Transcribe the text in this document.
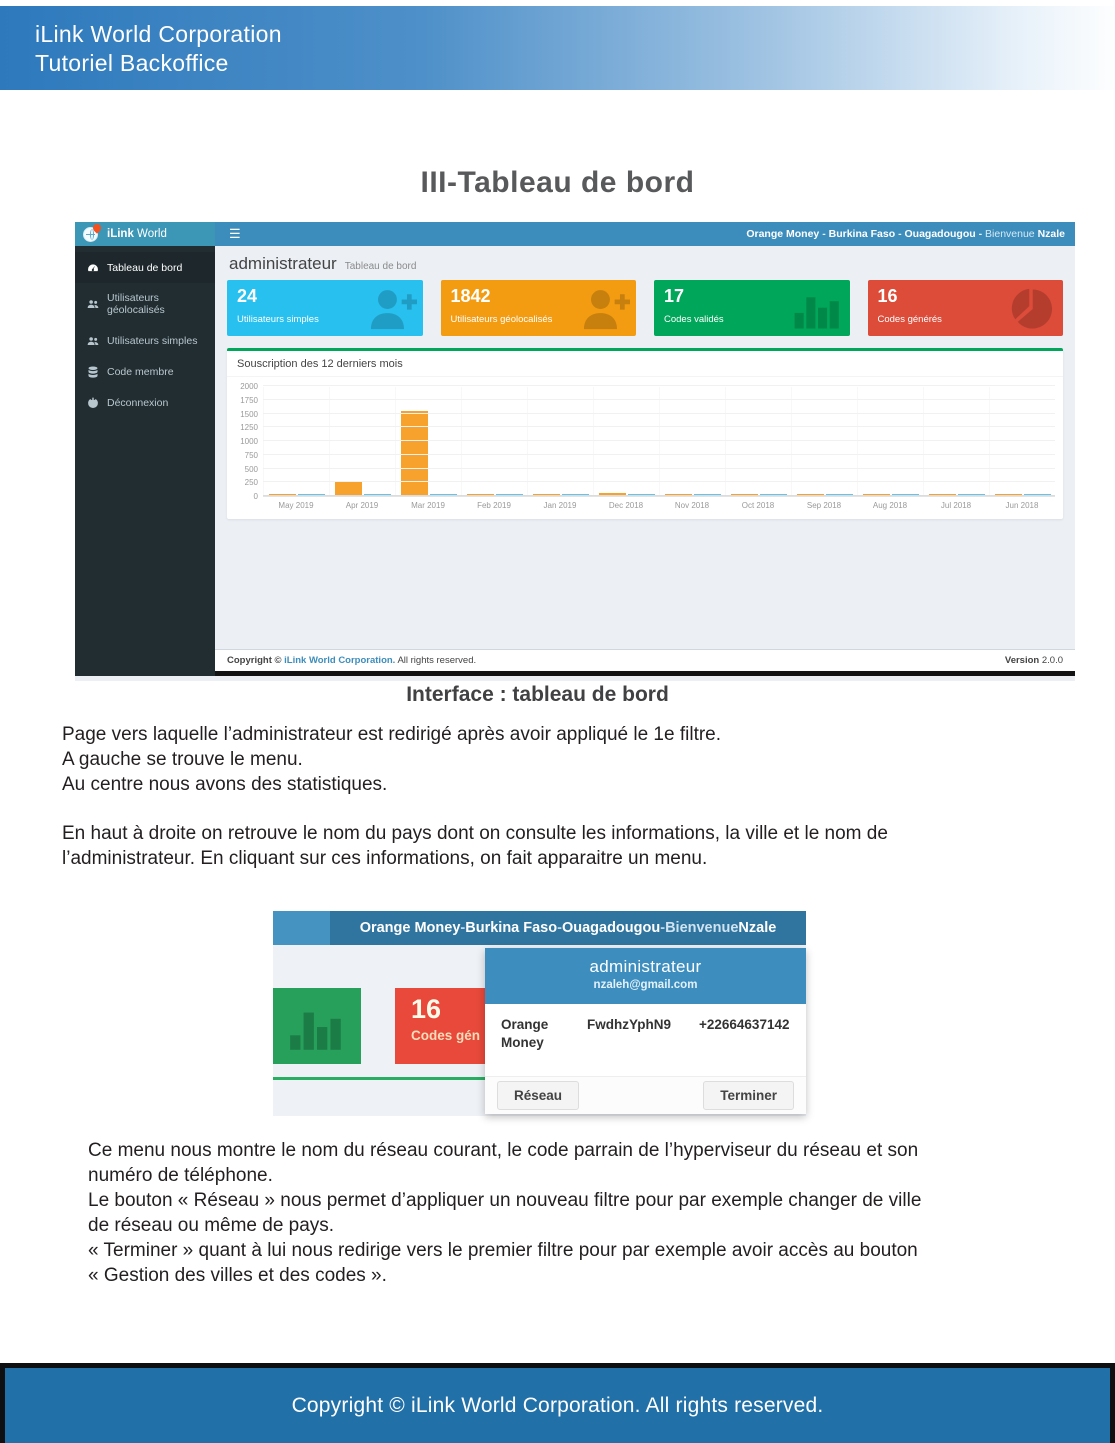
iLink World Corporation
Tutoriel Backoffice
III-Tableau de bord
iLink World	☰	Orange Money - Burkina Faso - Ouagadougou - Bienvenue Nzale
Tableau de bord
Utilisateurs géolocalisés
Utilisateurs simples
Code membre
Déconnexion
administrateur Tableau de bord
24
Utilisateurs simples
1842
Utilisateurs géolocalisés
17
Codes validés
16
Codes générés
Souscription des 12 derniers mois
0
250
500
750
1000
1250
1500
1750
2000
May 2019	Apr 2019	Mar 2019	Feb 2019	Jan 2019	Dec 2018	Nov 2018	Oct 2018	Sep 2018	Aug 2018	Jul 2018	Jun 2018
Copyright © iLink World Corporation. All rights reserved.	Version 2.0.0
Interface : tableau de bord
Page vers laquelle l’administrateur est redirigé après avoir appliqué le 1e filtre.
A gauche se trouve le menu.
Au centre nous avons des statistiques.
En haut à droite on retrouve le nom du pays dont on consulte les informations, la ville et le nom de
l’administrateur. En cliquant sur ces informations, on fait apparaitre un menu.
Orange Money - Burkina Faso - Ouagadougou - Bienvenue Nzale
16
Codes gén
administrateur
nzaleh@gmail.com
Orange Money
FwdhzYphN9	+22664637142
Réseau	Terminer
Ce menu nous montre le nom du réseau courant, le code parrain de l’hyperviseur du réseau et son
numéro de téléphone.
Le bouton « Réseau » nous permet d’appliquer un nouveau filtre pour par exemple changer de ville
de réseau ou même de pays.
« Terminer » quant à lui nous redirige vers le premier filtre pour par exemple avoir accès au bouton
« Gestion des villes et des codes ».
Copyright © iLink World Corporation. All rights reserved.
